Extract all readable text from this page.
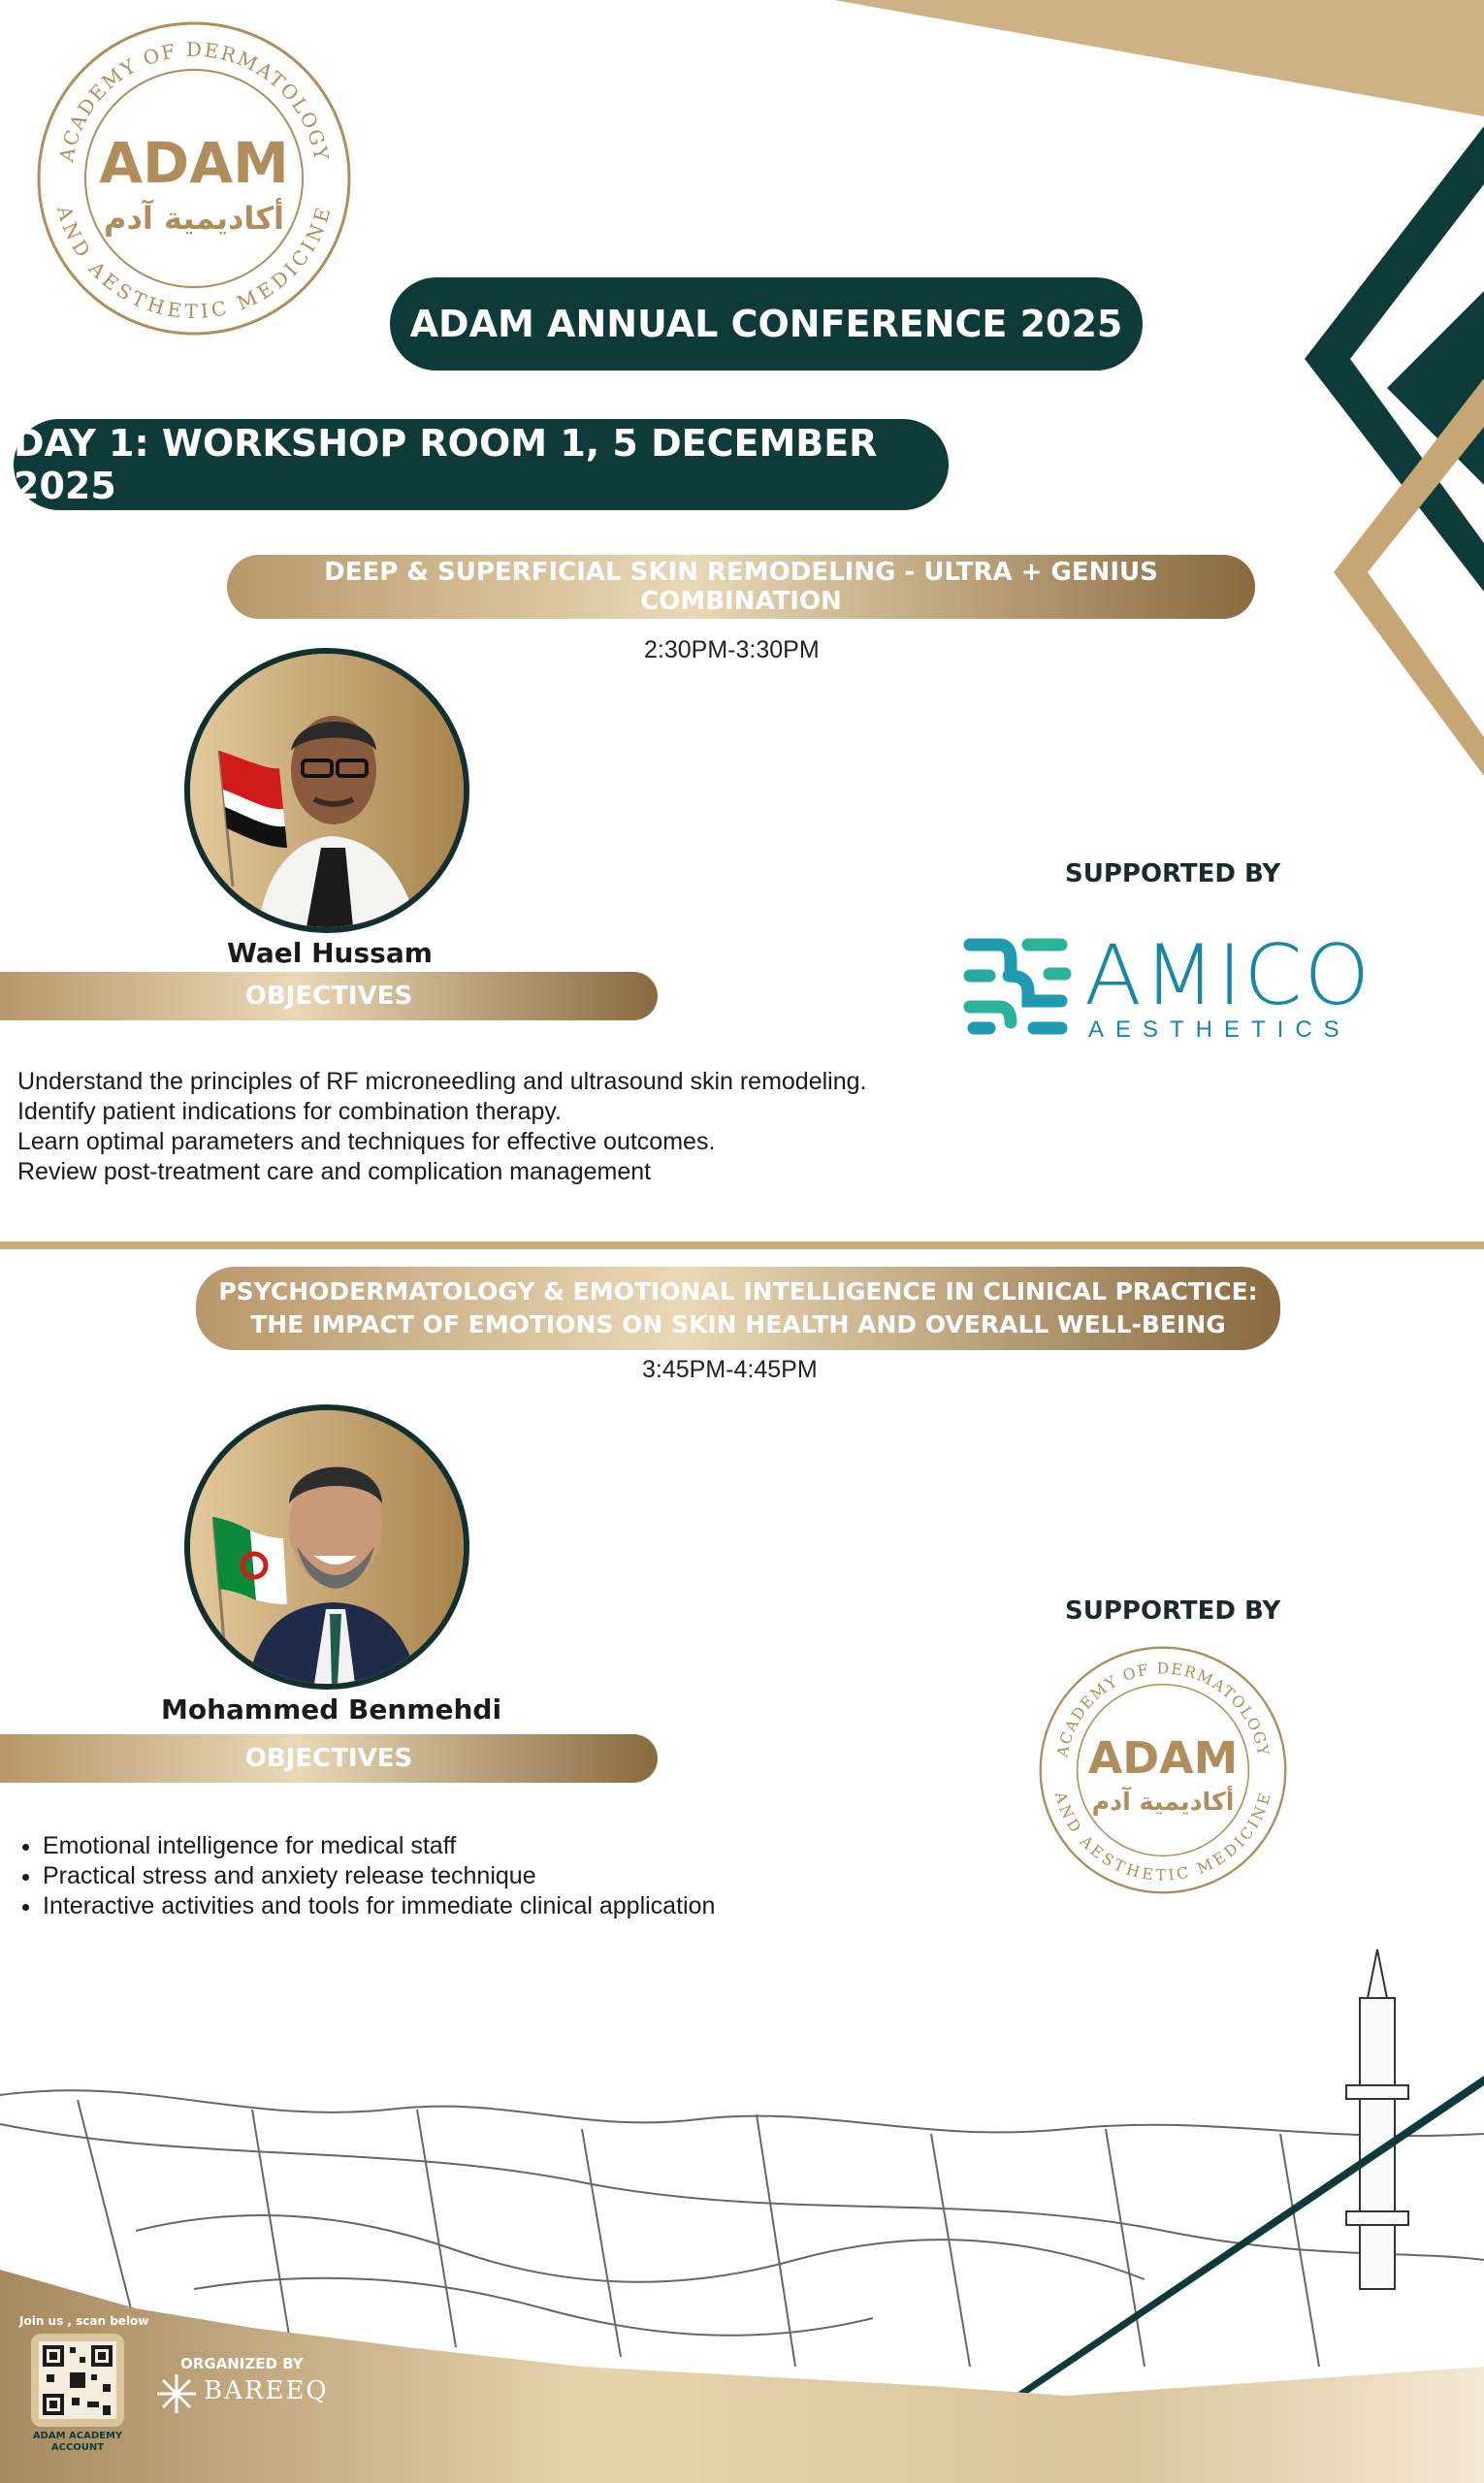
ACADEMY OF DERMATOLOGY
AND AESTHETIC MEDICINE
ADAM
أكاديمية آدم
ADAM ANNUAL CONFERENCE 2025
DAY 1: WORKSHOP ROOM 1, 5 DECEMBER 2025
DEEP & SUPERFICIAL SKIN REMODELING - ULTRA + GENIUS COMBINATION
2:30PM-3:30PM
Wael Hussam
OBJECTIVES
Understand the principles of RF microneedling and ultrasound skin remodeling.
Identify patient indications for combination therapy.
Learn optimal parameters and techniques for effective outcomes.
Review post-treatment care and complication management
SUPPORTED BY
AMICO
AESTHETICS
PSYCHODERMATOLOGY & EMOTIONAL INTELLIGENCE IN CLINICAL PRACTICE:
THE IMPACT OF EMOTIONS ON SKIN HEALTH AND OVERALL WELL-BEING
3:45PM-4:45PM
Mohammed Benmehdi
OBJECTIVES
• Emotional intelligence for medical staff
• Practical stress and anxiety release technique
• Interactive activities and tools for immediate clinical application
SUPPORTED BY
ACADEMY OF DERMATOLOGY
AND AESTHETIC MEDICINE
ADAM
أكاديمية آدم
Join us , scan below
ADAM ACADEMY
ACCOUNT
ORGANIZED BY
BAREEQ
